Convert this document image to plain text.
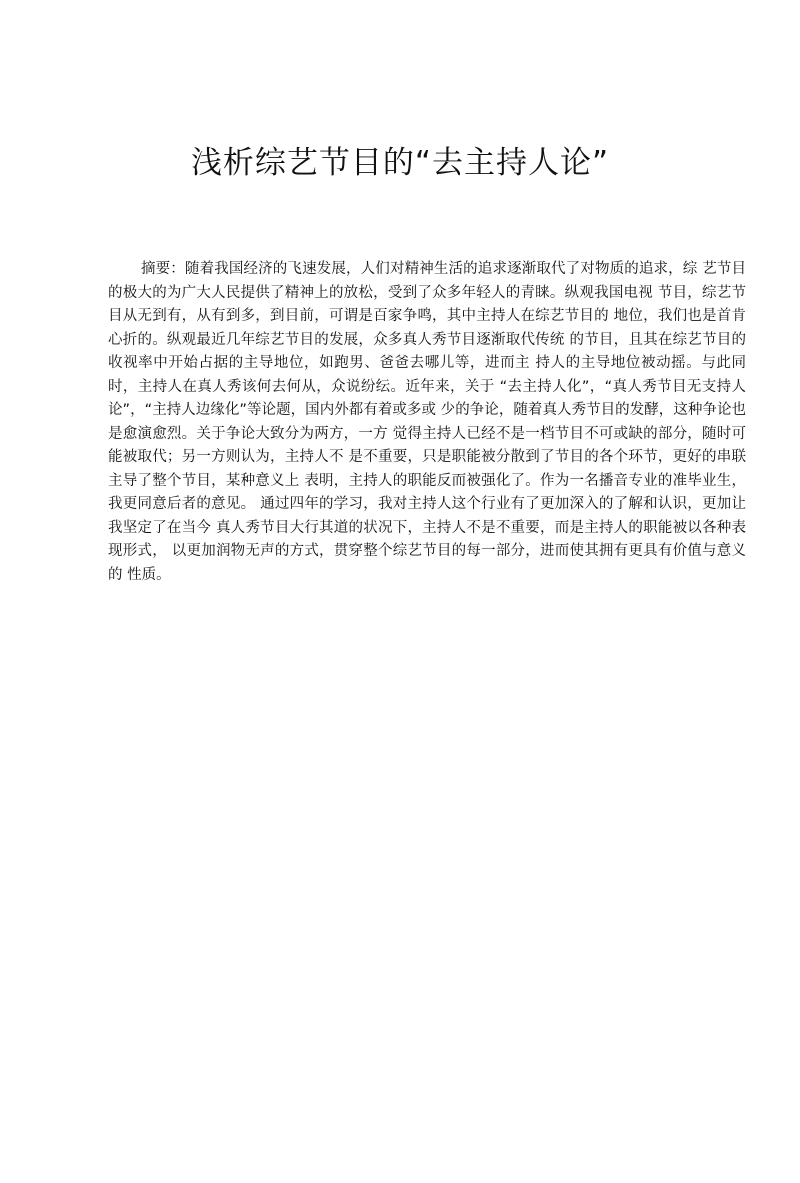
浅析综艺节目的“去主持人论”

摘要：随着我国经济的飞速发展，人们对精神生活的追求逐渐取代了对物质的追求，综 艺节目的极大的为广大人民提供了精神上的放松，受到了众多年轻人的青睐。纵观我国电视 节目，综艺节目从无到有，从有到多，到目前，可谓是百家争鸣，其中主持人在综艺节目的 地位，我们也是首肯心折的。纵观最近几年综艺节目的发展，众多真人秀节目逐渐取代传统 的节目，且其在综艺节目的收视率中开始占据的主导地位，如跑男、爸爸去哪儿等，进而主 持人的主导地位被动摇。与此同时，主持人在真人秀该何去何从，众说纷纭。近年来，关于 “去主持人化”，“真人秀节目无支持人论”，“主持人边缘化”等论题，国内外都有着或多或 少的争论，随着真人秀节目的发酵，这种争论也是愈演愈烈。关于争论大致分为两方，一方 觉得主持人已经不是一档节目不可或缺的部分，随时可能被取代；另一方则认为，主持人不 是不重要，只是职能被分散到了节目的各个环节，更好的串联主导了整个节目，某种意义上 表明，主持人的职能反而被强化了。作为一名播音专业的准毕业生，我更同意后者的意见。 通过四年的学习，我对主持人这个行业有了更加深入的了解和认识，更加让我坚定了在当今 真人秀节目大行其道的状况下，主持人不是不重要，而是主持人的职能被以各种表现形式， 以更加润物无声的方式，贯穿整个综艺节目的每一部分，进而使其拥有更具有价值与意义的 性质。
